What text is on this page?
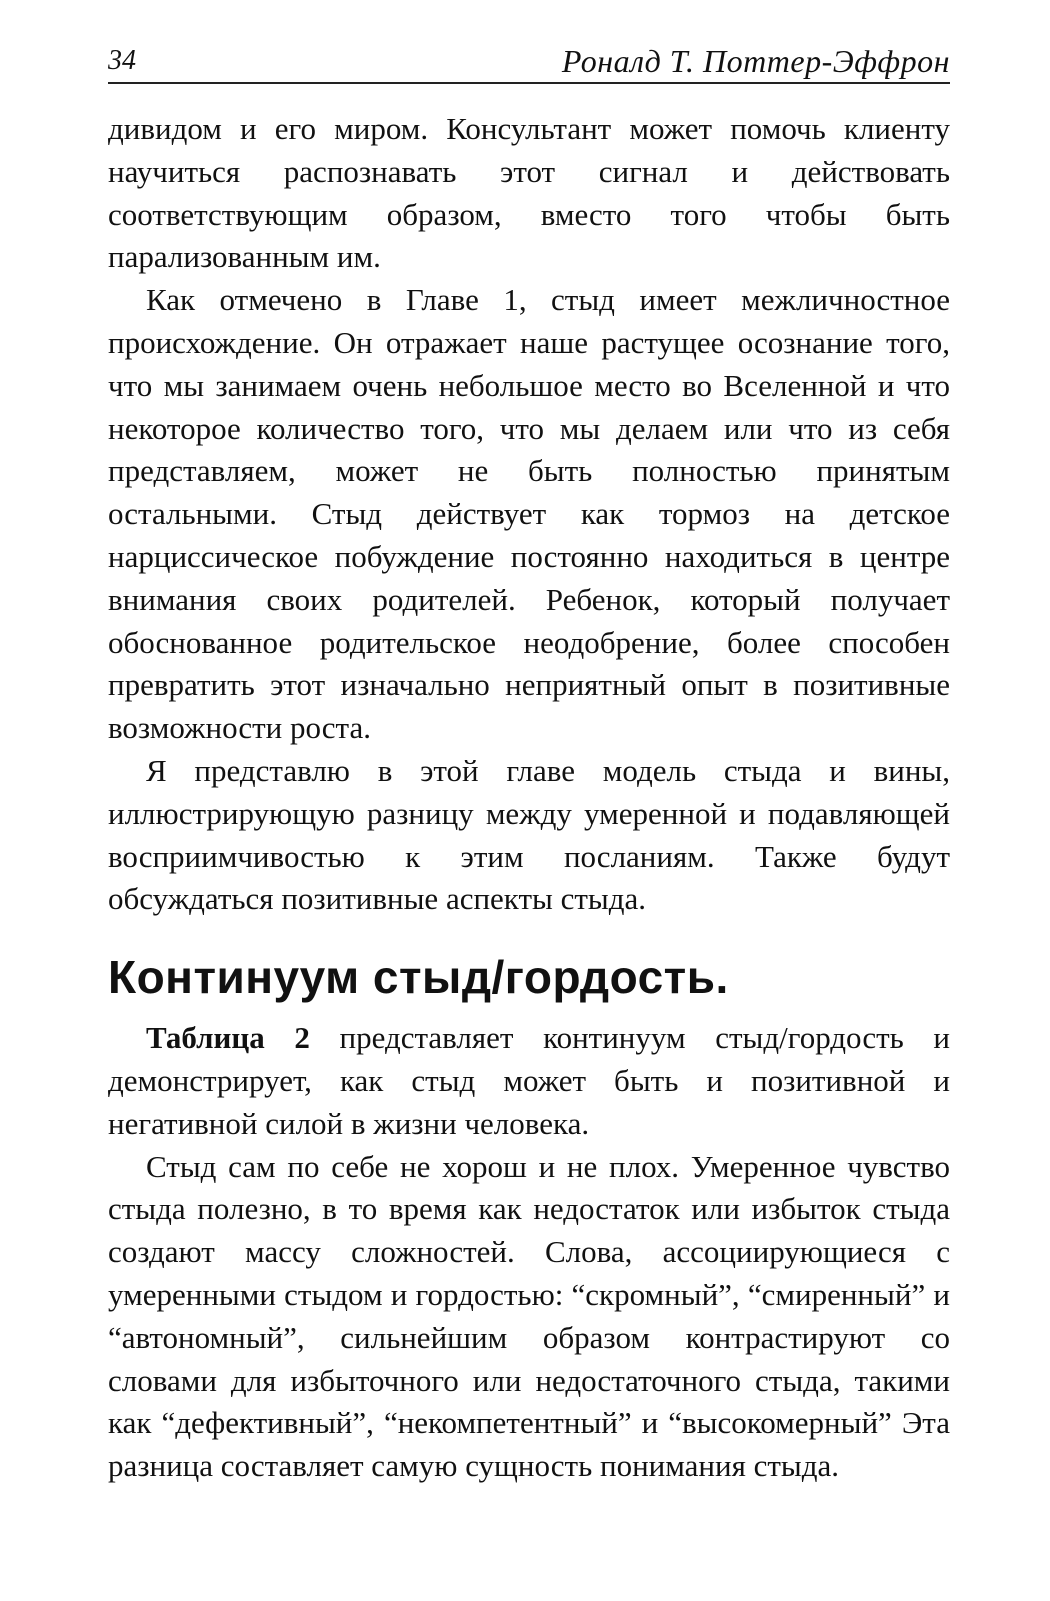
34	Роналд Т. Поттер-Эффрон

дивидом и его миром. Консультант может помочь клиенту научиться распознавать этот сигнал и действовать соответствующим образом, вместо того чтобы быть парализованным им.

Как отмечено в Главе 1, стыд имеет межличностное происхождение. Он отражает наше растущее осознание того, что мы занимаем очень небольшое место во Вселенной и что некоторое количество того, что мы делаем или что из себя представляем, может не быть полностью принятым остальными. Стыд действует как тормоз на детское нарциссическое побуждение постоянно находиться в центре внимания своих родителей. Ребенок, который получает обоснованное родительское неодобрение, более способен превратить этот изначально неприятный опыт в позитивные возможности роста.

Я представлю в этой главе модель стыда и вины, иллюстрирующую разницу между умеренной и подавляющей восприимчивостью к этим посланиям. Также будут обсуждаться позитивные аспекты стыда.

Континуум стыд/гордость.

Таблица 2 представляет континуум стыд/гордость и демонстрирует, как стыд может быть и позитивной и негативной силой в жизни человека.

Стыд сам по себе не хорош и не плох. Умеренное чувство стыда полезно, в то время как недостаток или избыток стыда создают массу сложностей. Слова, ассоциирующиеся с умеренными стыдом и гордостью: “скромный”, “смиренный” и “автономный”, сильнейшим образом контрастируют со словами для избыточного или недостаточного стыда, такими как “дефективный”, “некомпетентный” и “высокомерный” Эта разница составляет самую сущность понимания стыда.
